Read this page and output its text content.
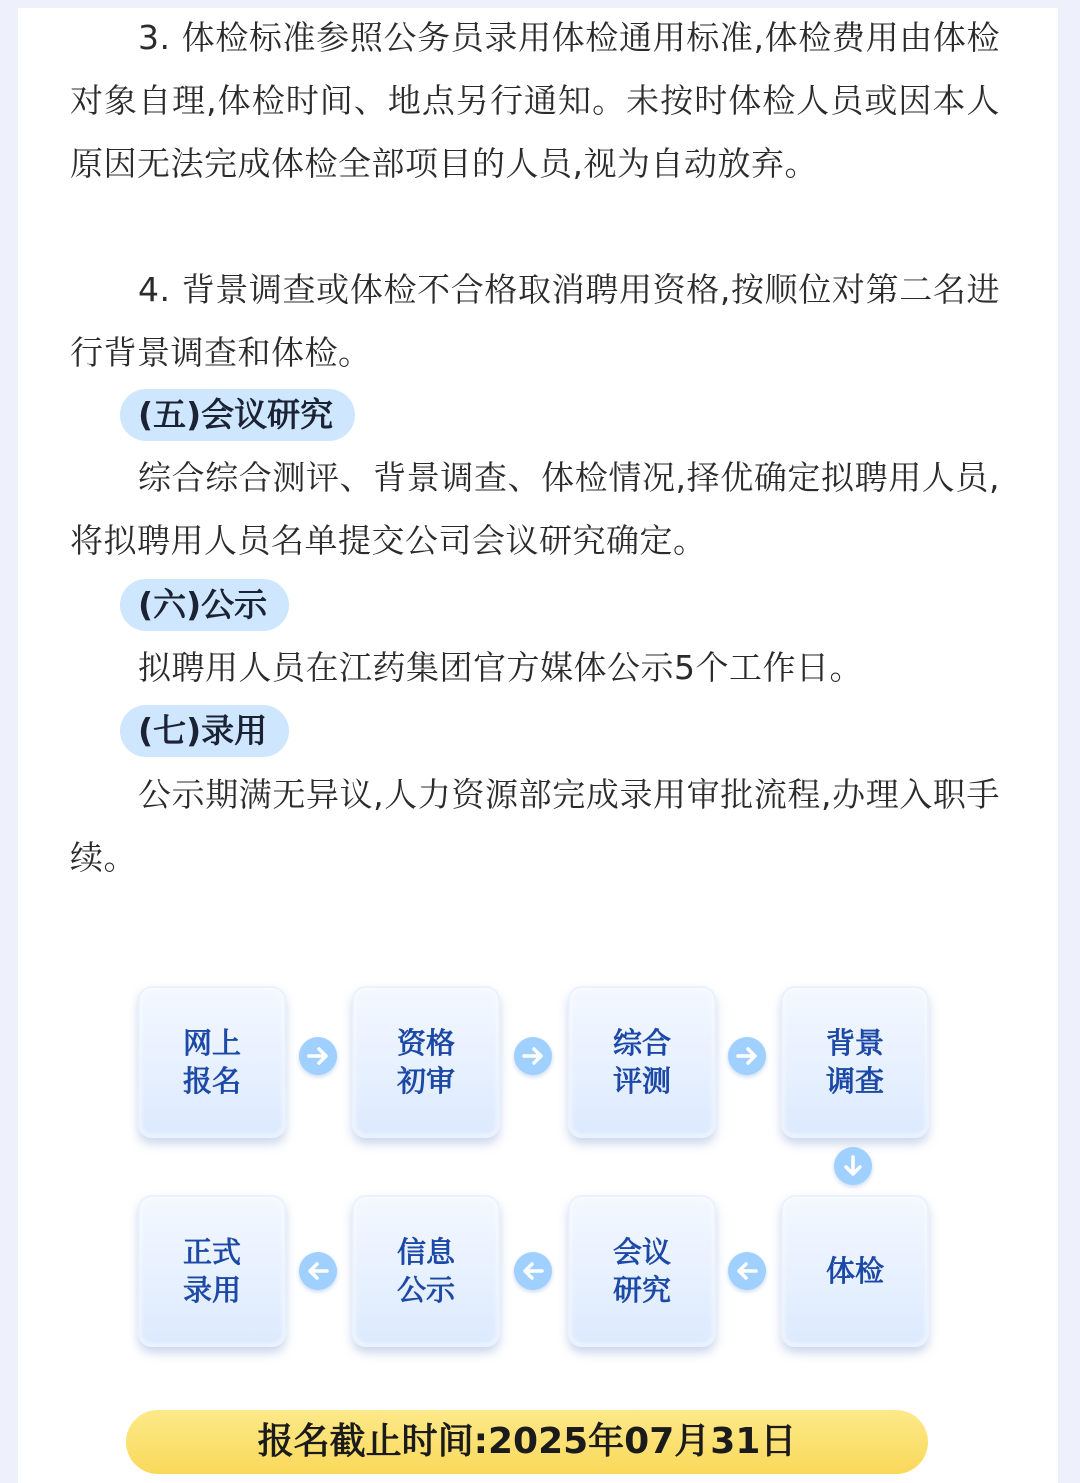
3. 体检标准参照公务员录用体检通用标准,体检费用由体检对象自理,体检时间、地点另行通知。未按时体检人员或因本人原因无法完成体检全部项目的人员,视为自动放弃。

4. 背景调查或体检不合格取消聘用资格,按顺位对第二名进行背景调查和体检。

(五)会议研究

综合综合测评、背景调查、体检情况,择优确定拟聘用人员,将拟聘用人员名单提交公司会议研究确定。

(六)公示

拟聘用人员在江药集团官方媒体公示5个工作日。

(七)录用

公示期满无异议,人力资源部完成录用审批流程,办理入职手续。

网上报名
资格初审
综合评测
背景调查
正式录用
信息公示
会议研究
体检
报名截止时间:2025年07月31日
